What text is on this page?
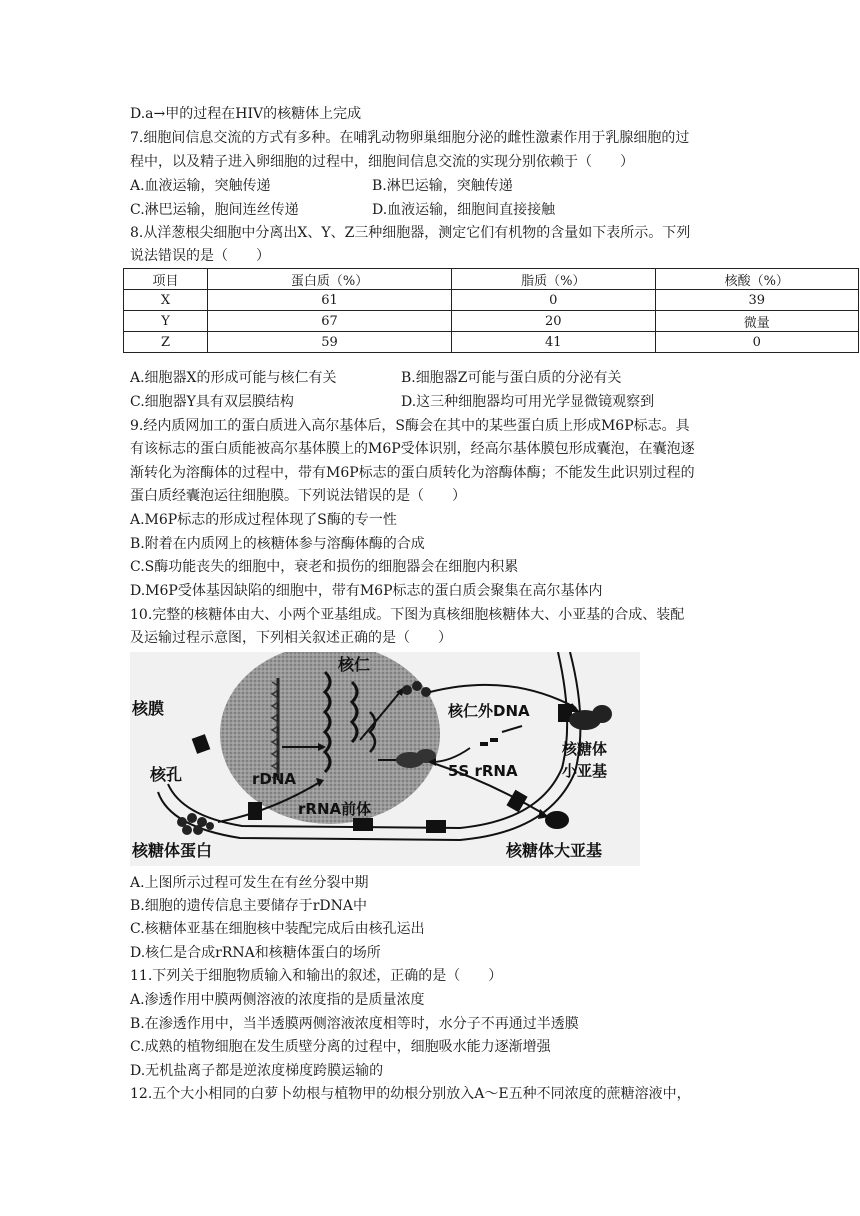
D.a→甲的过程在HIV的核糖体上完成
7.细胞间信息交流的方式有多种。在哺乳动物卵巢细胞分泌的雌性激素作用于乳腺细胞的过
程中，以及精子进入卵细胞的过程中，细胞间信息交流的实现分别依赖于（　　）
A.血液运输，突触传递	B.淋巴运输，突触传递
C.淋巴运输，胞间连丝传递	D.血液运输，细胞间直接接触
8.从洋葱根尖细胞中分离出X、Y、Z三种细胞器，测定它们有机物的含量如下表所示。下列
说法错误的是（　　）
项目	蛋白质（%）	脂质（%）	核酸（%）
X	61	0	39
Y	67	20	微量
Z	59	41	0
A.细胞器X的形成可能与核仁有关	B.细胞器Z可能与蛋白质的分泌有关
C.细胞器Y具有双层膜结构	D.这三种细胞器均可用光学显微镜观察到
9.经内质网加工的蛋白质进入高尔基体后，S酶会在其中的某些蛋白质上形成M6P标志。具
有该标志的蛋白质能被高尔基体膜上的M6P受体识别，经高尔基体膜包形成囊泡，在囊泡逐
渐转化为溶酶体的过程中，带有M6P标志的蛋白质转化为溶酶体酶；不能发生此识别过程的
蛋白质经囊泡运往细胞膜。下列说法错误的是（　　）
A.M6P标志的形成过程体现了S酶的专一性
B.附着在内质网上的核糖体参与溶酶体酶的合成
C.S酶功能丧失的细胞中，衰老和损伤的细胞器会在细胞内积累
D.M6P受体基因缺陷的细胞中，带有M6P标志的蛋白质会聚集在高尔基体内
10.完整的核糖体由大、小两个亚基组成。下图为真核细胞核糖体大、小亚基的合成、装配
及运输过程示意图，下列相关叙述正确的是（　　）
核膜
核孔
核仁
核仁外DNA
rDNA
rRNA前体
5S rRNA
核糖体
小亚基
核糖体蛋白	核糖体大亚基
A.上图所示过程可发生在有丝分裂中期
B.细胞的遗传信息主要储存于rDNA中
C.核糖体亚基在细胞核中装配完成后由核孔运出
D.核仁是合成rRNA和核糖体蛋白的场所
11.下列关于细胞物质输入和输出的叙述，正确的是（　　）
A.渗透作用中膜两侧溶液的浓度指的是质量浓度
B.在渗透作用中，当半透膜两侧溶液浓度相等时，水分子不再通过半透膜
C.成熟的植物细胞在发生质壁分离的过程中，细胞吸水能力逐渐增强
D.无机盐离子都是逆浓度梯度跨膜运输的
12.五个大小相同的白萝卜幼根与植物甲的幼根分别放入A～E五种不同浓度的蔗糖溶液中，
